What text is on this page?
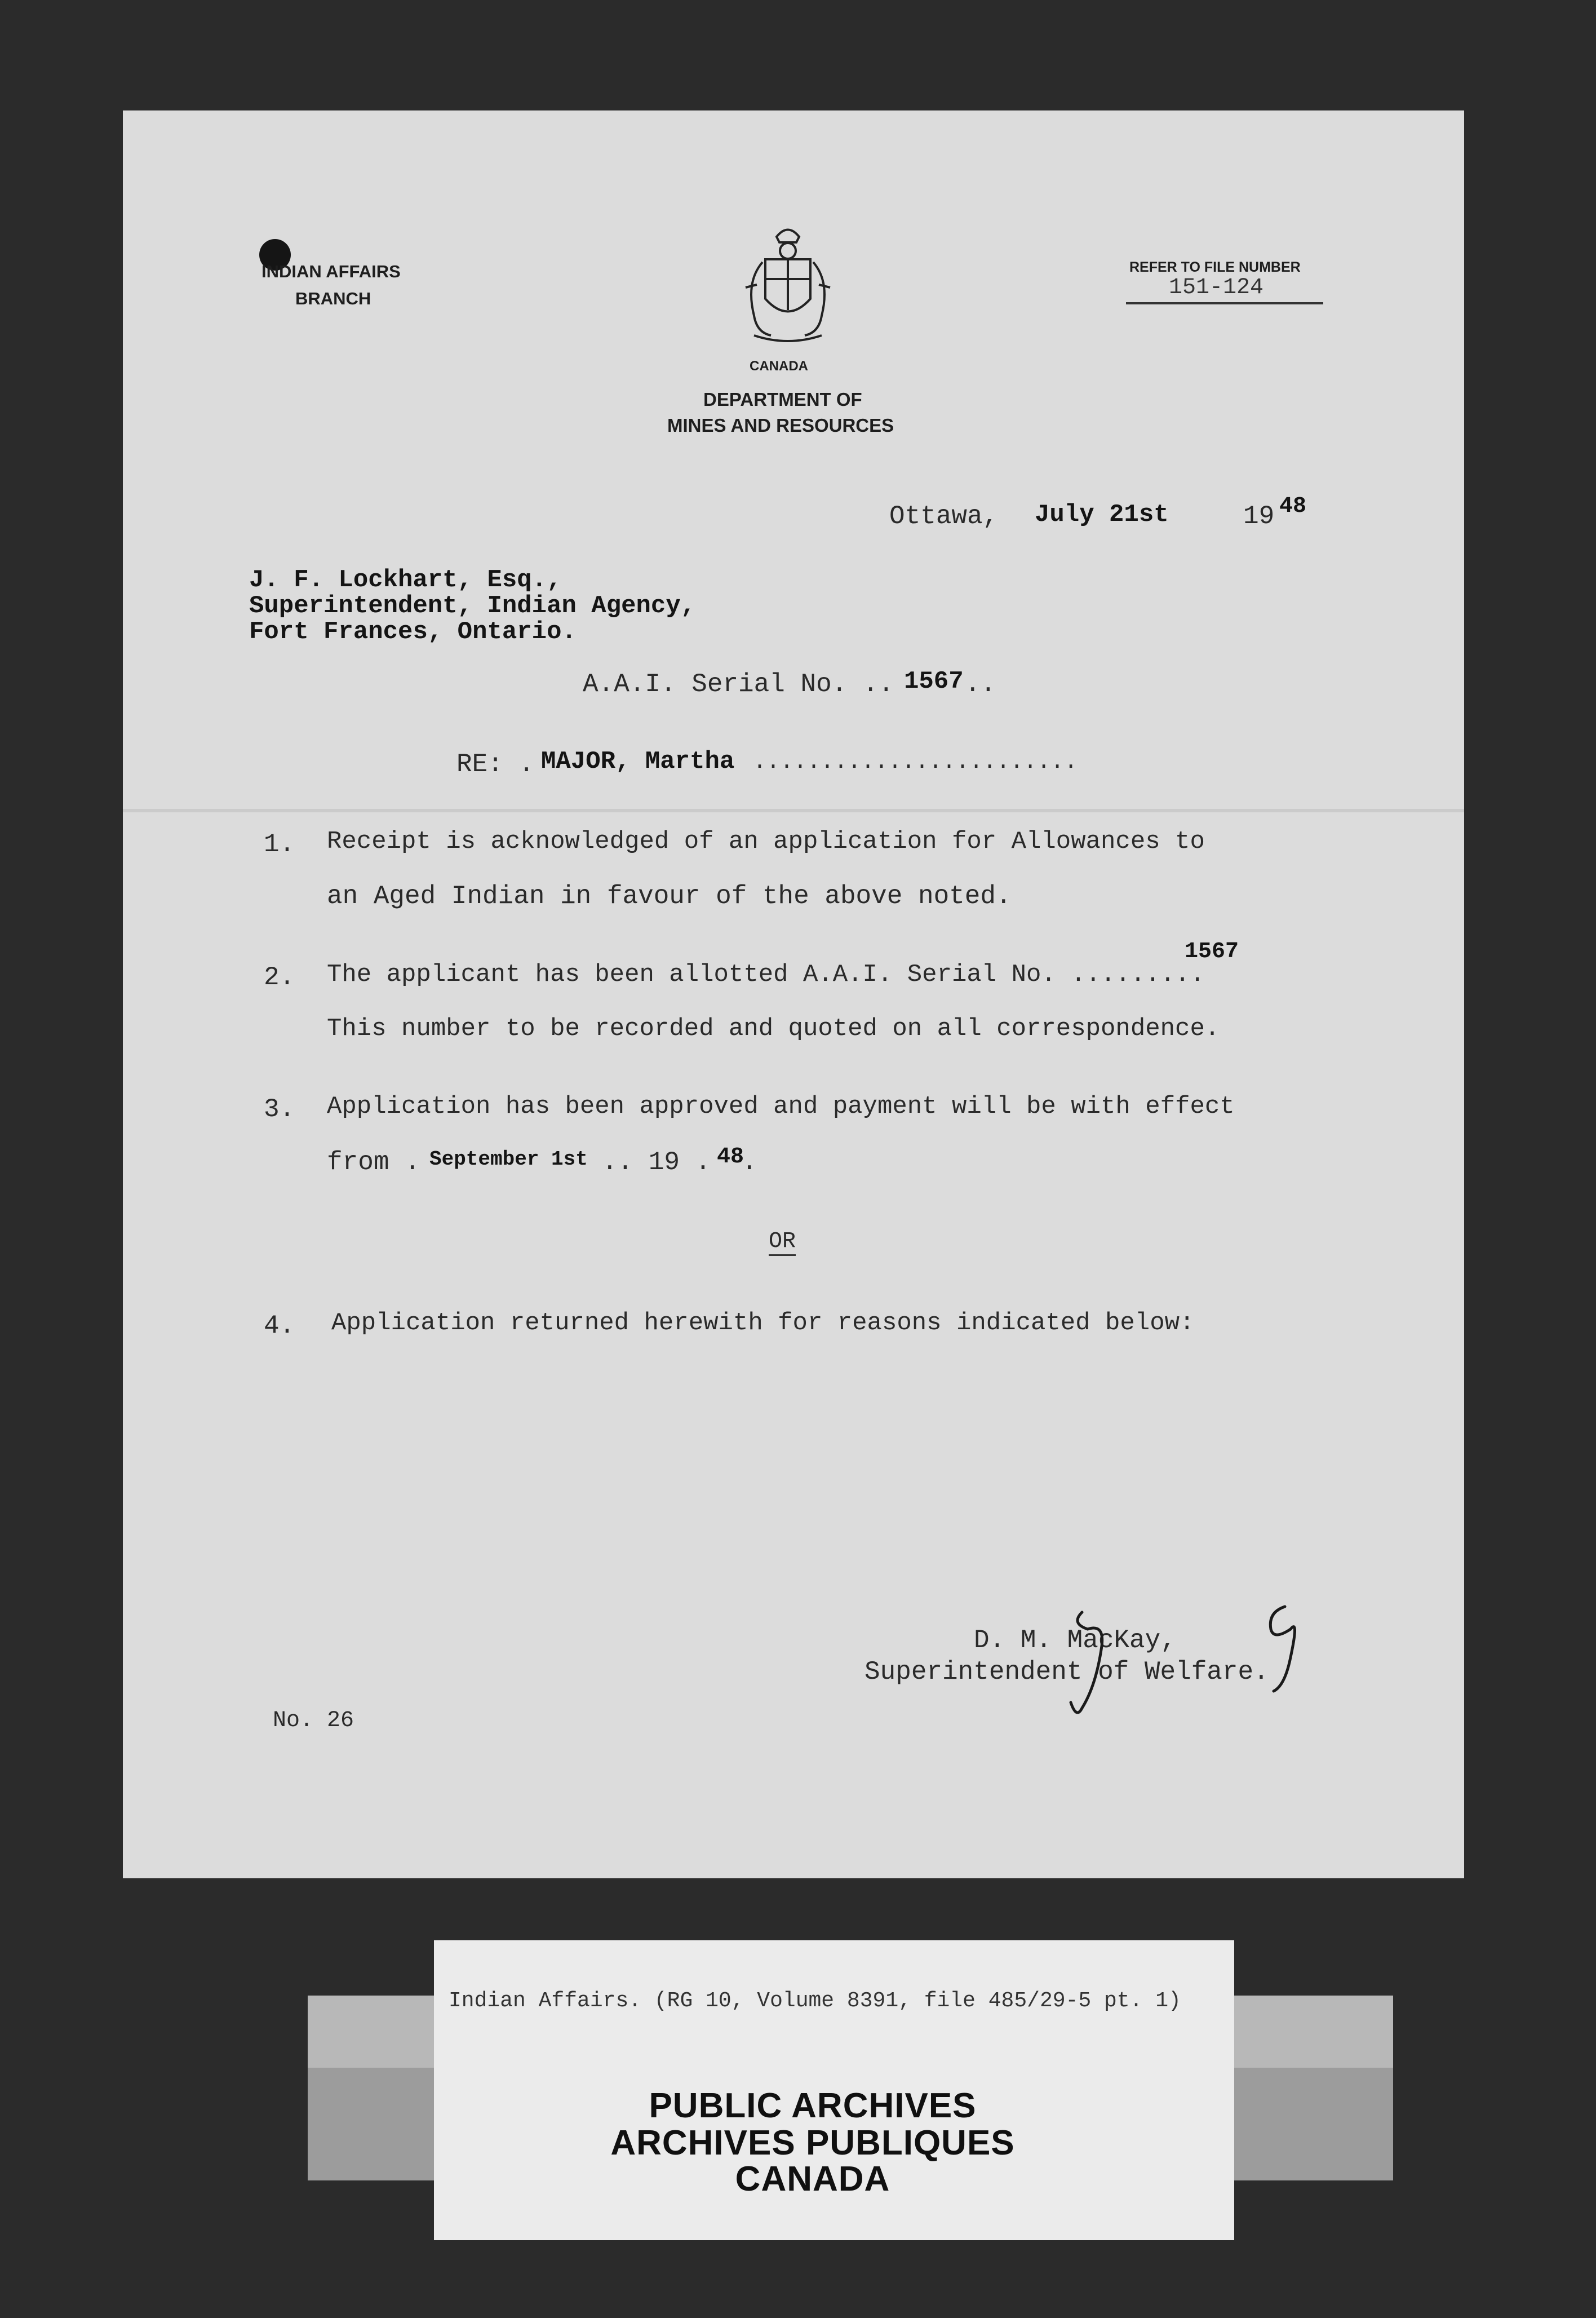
INDIAN AFFAIRS
BRANCH
CANADA
DEPARTMENT OF
MINES AND RESOURCES
REFER TO FILE NUMBER
151-124
Ottawa, July 21st	19 48
J. F. Lockhart, Esq.,
Superintendent, Indian Agency,
Fort Frances, Ontario.
A.A.I. Serial No. .. 1567 ..
RE: . MAJOR, Martha ........................
1. Receipt is acknowledged of an application for Allowances to
an Aged Indian in favour of the above noted.
2. The applicant has been allotted A.A.I. Serial No. .........
1567
This number to be recorded and quoted on all correspondence.
3. Application has been approved and payment will be with effect
from . September 1st .. 19 . 48
.
OR
4. Application returned herewith for reasons indicated below:
D. M. MacKay,
Superintendent of Welfare.
No. 26
Indian Affairs. (RG 10, Volume 8391, file 485/29-5 pt. 1)
PUBLIC ARCHIVES
ARCHIVES PUBLIQUES
CANADA
